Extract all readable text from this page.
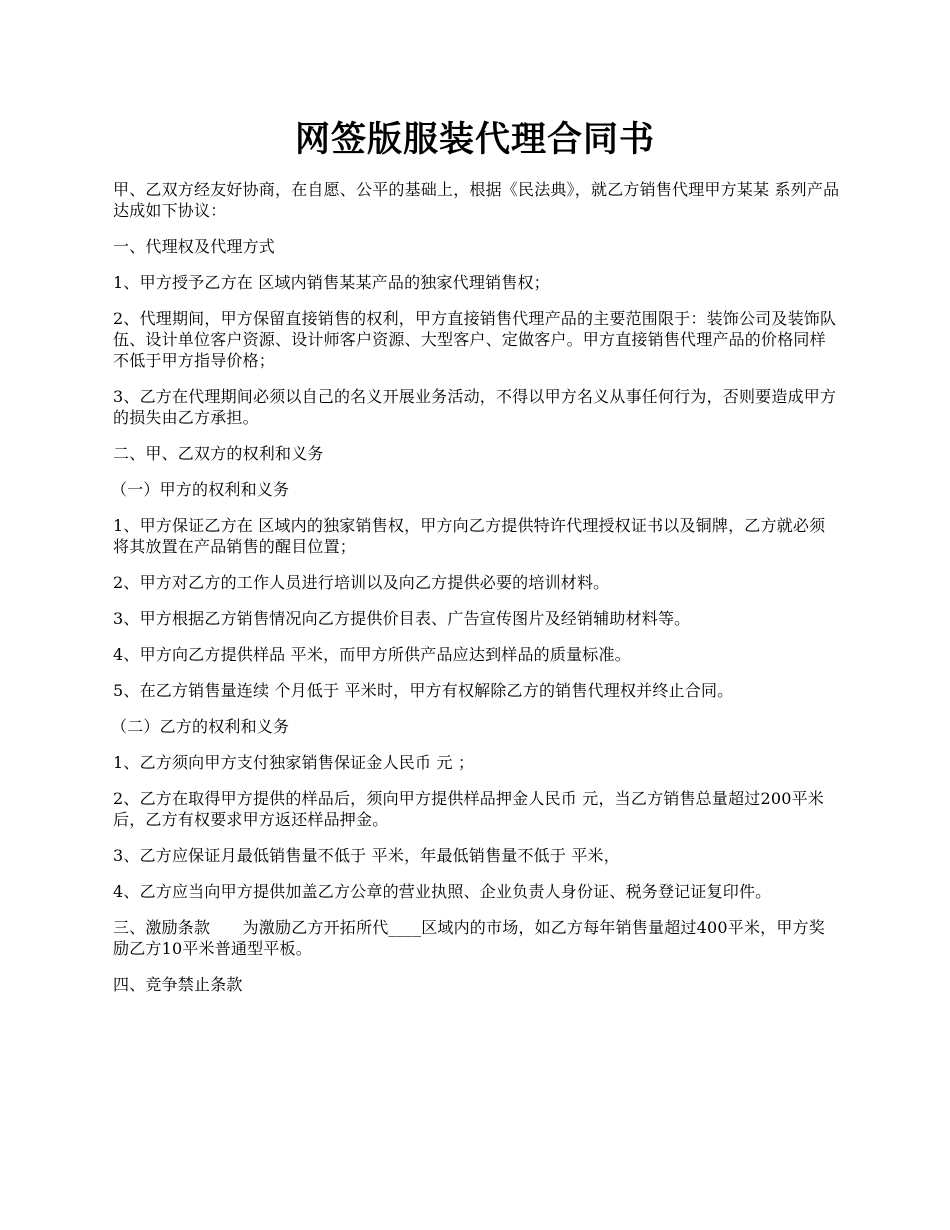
网签版服装代理合同书

甲、乙双方经友好协商，在自愿、公平的基础上，根据《民法典》，就乙方销售代理甲方某某 系列产品达成如下协议：

一、代理权及代理方式

1、甲方授予乙方在 区域内销售某某产品的独家代理销售权；

2、代理期间，甲方保留直接销售的权利，甲方直接销售代理产品的主要范围限于：装饰公司及装饰队伍、设计单位客户资源、设计师客户资源、大型客户、定做客户。甲方直接销售代理产品的价格同样不低于甲方指导价格；

3、乙方在代理期间必须以自己的名义开展业务活动，不得以甲方名义从事任何行为，否则要造成甲方的损失由乙方承担。

二、甲、乙双方的权利和义务

（一）甲方的权利和义务

1、甲方保证乙方在 区域内的独家销售权，甲方向乙方提供特许代理授权证书以及铜牌，乙方就必须将其放置在产品销售的醒目位置；

2、甲方对乙方的工作人员进行培训以及向乙方提供必要的培训材料。

3、甲方根据乙方销售情况向乙方提供价目表、广告宣传图片及经销辅助材料等。

4、甲方向乙方提供样品 平米，而甲方所供产品应达到样品的质量标准。

5、在乙方销售量连续 个月低于 平米时，甲方有权解除乙方的销售代理权并终止合同。

（二）乙方的权利和义务

1、乙方须向甲方支付独家销售保证金人民币 元 ；

2、乙方在取得甲方提供的样品后，须向甲方提供样品押金人民币 元，当乙方销售总量超过200平米后，乙方有权要求甲方返还样品押金。

3、乙方应保证月最低销售量不低于 平米，年最低销售量不低于 平米，

4、乙方应当向甲方提供加盖乙方公章的营业执照、企业负责人身份证、税务登记证复印件。

三、激励条款　　为激励乙方开拓所代____区域内的市场，如乙方每年销售量超过400平米，甲方奖励乙方10平米普通型平板。

四、竞争禁止条款
